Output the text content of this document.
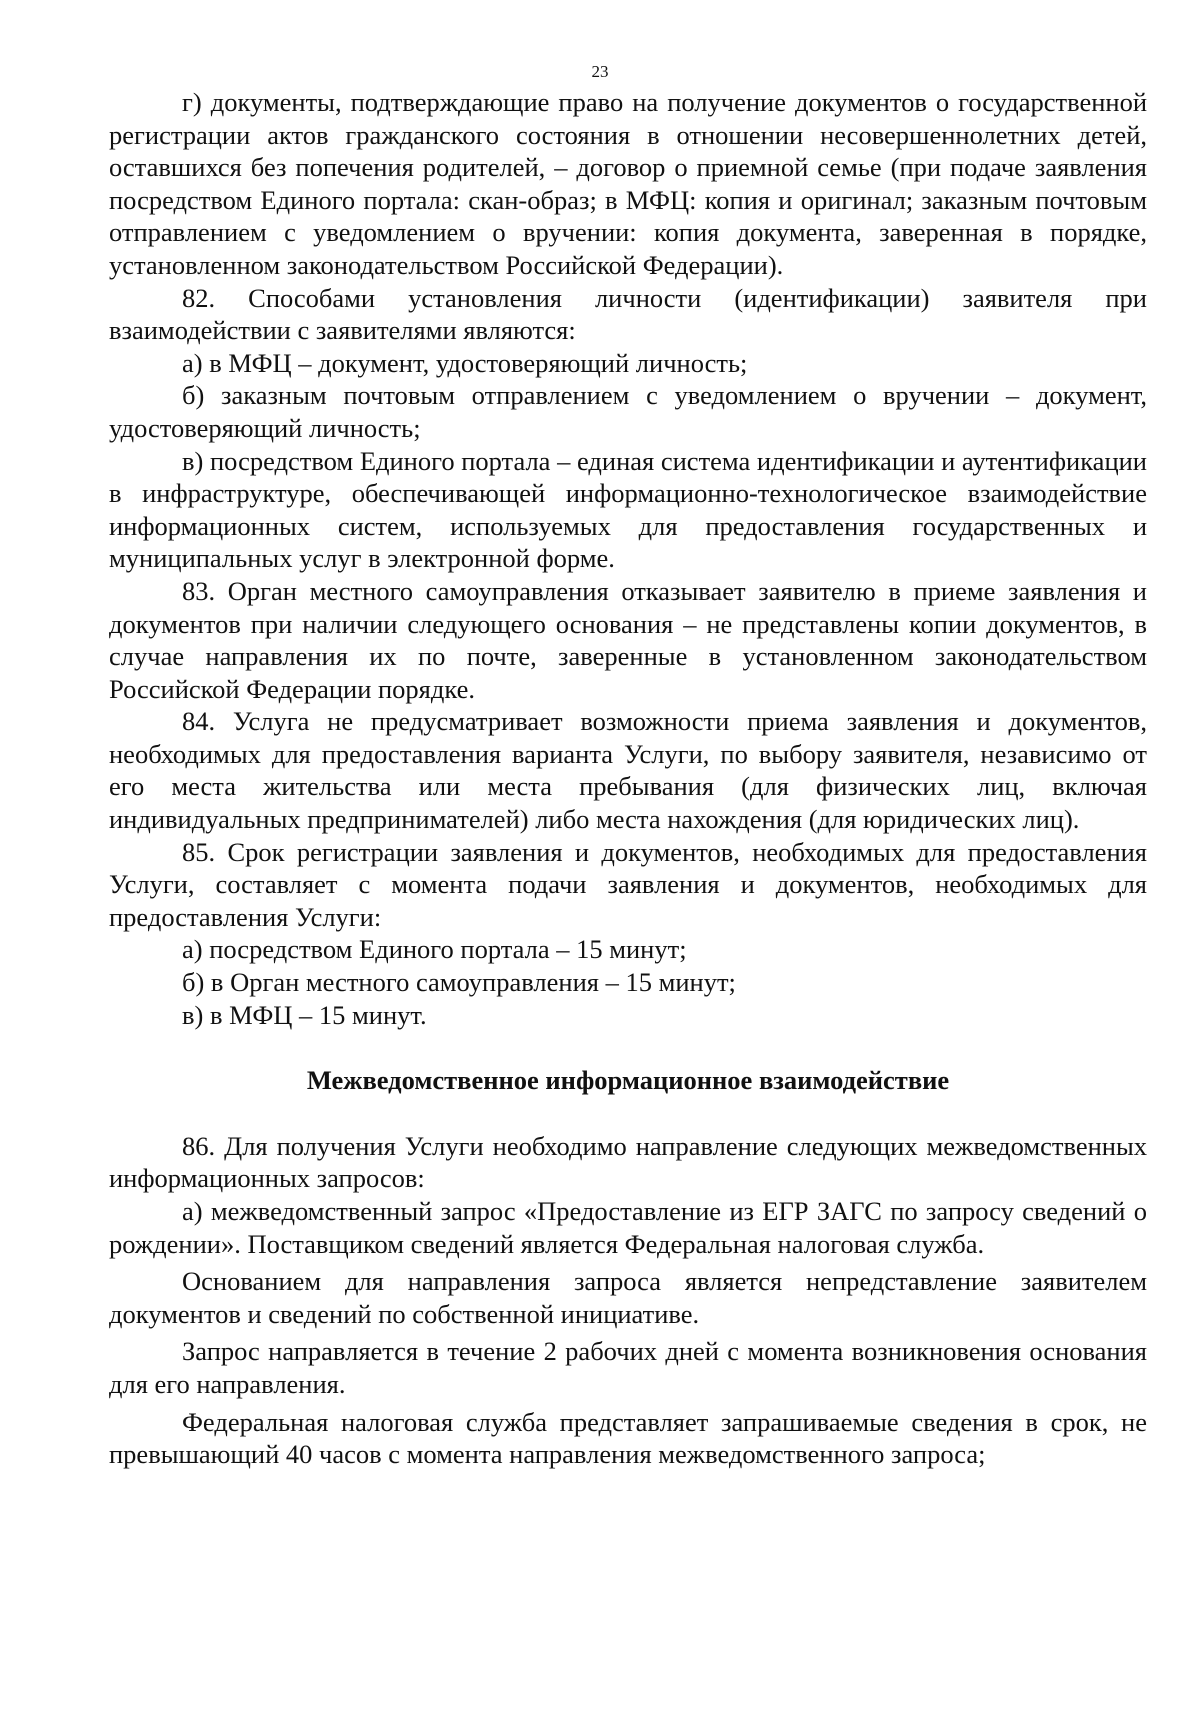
23

г) документы, подтверждающие право на получение документов о государственной регистрации актов гражданского состояния в отношении несовершеннолетних детей, оставшихся без попечения родителей, – договор о приемной семье (при подаче заявления посредством Единого портала: скан-образ; в МФЦ: копия и оригинал; заказным почтовым отправлением с уведомлением о вручении: копия документа, заверенная в порядке, установленном законодательством Российской Федерации).

82. Способами установления личности (идентификации) заявителя при взаимодействии с заявителями являются:

а) в МФЦ – документ, удостоверяющий личность;

б) заказным почтовым отправлением с уведомлением о вручении – документ, удостоверяющий личность;

в) посредством Единого портала – единая система идентификации и аутентификации в инфраструктуре, обеспечивающей информационно-технологическое взаимодействие информационных систем, используемых для предоставления государственных и муниципальных услуг в электронной форме.

83. Орган местного самоуправления отказывает заявителю в приеме заявления и документов при наличии следующего основания – не представлены копии документов, в случае направления их по почте, заверенные в установленном законодательством Российской Федерации порядке.

84. Услуга не предусматривает возможности приема заявления и документов, необходимых для предоставления варианта Услуги, по выбору заявителя, независимо от его места жительства или места пребывания (для физических лиц, включая индивидуальных предпринимателей) либо места нахождения (для юридических лиц).

85. Срок регистрации заявления и документов, необходимых для предоставления Услуги, составляет с момента подачи заявления и документов, необходимых для предоставления Услуги:

а) посредством Единого портала – 15 минут;

б) в Орган местного самоуправления – 15 минут;

в) в МФЦ – 15 минут.

Межведомственное информационное взаимодействие

86. Для получения Услуги необходимо направление следующих межведомственных информационных запросов:

а) межведомственный запрос «Предоставление из ЕГР ЗАГС по запросу сведений о рождении». Поставщиком сведений является Федеральная налоговая служба.

Основанием для направления запроса является непредставление заявителем документов и сведений по собственной инициативе.

Запрос направляется в течение 2 рабочих дней с момента возникновения основания для его направления.

Федеральная налоговая служба представляет запрашиваемые сведения в срок, не превышающий 40 часов с момента направления межведомственного запроса;
